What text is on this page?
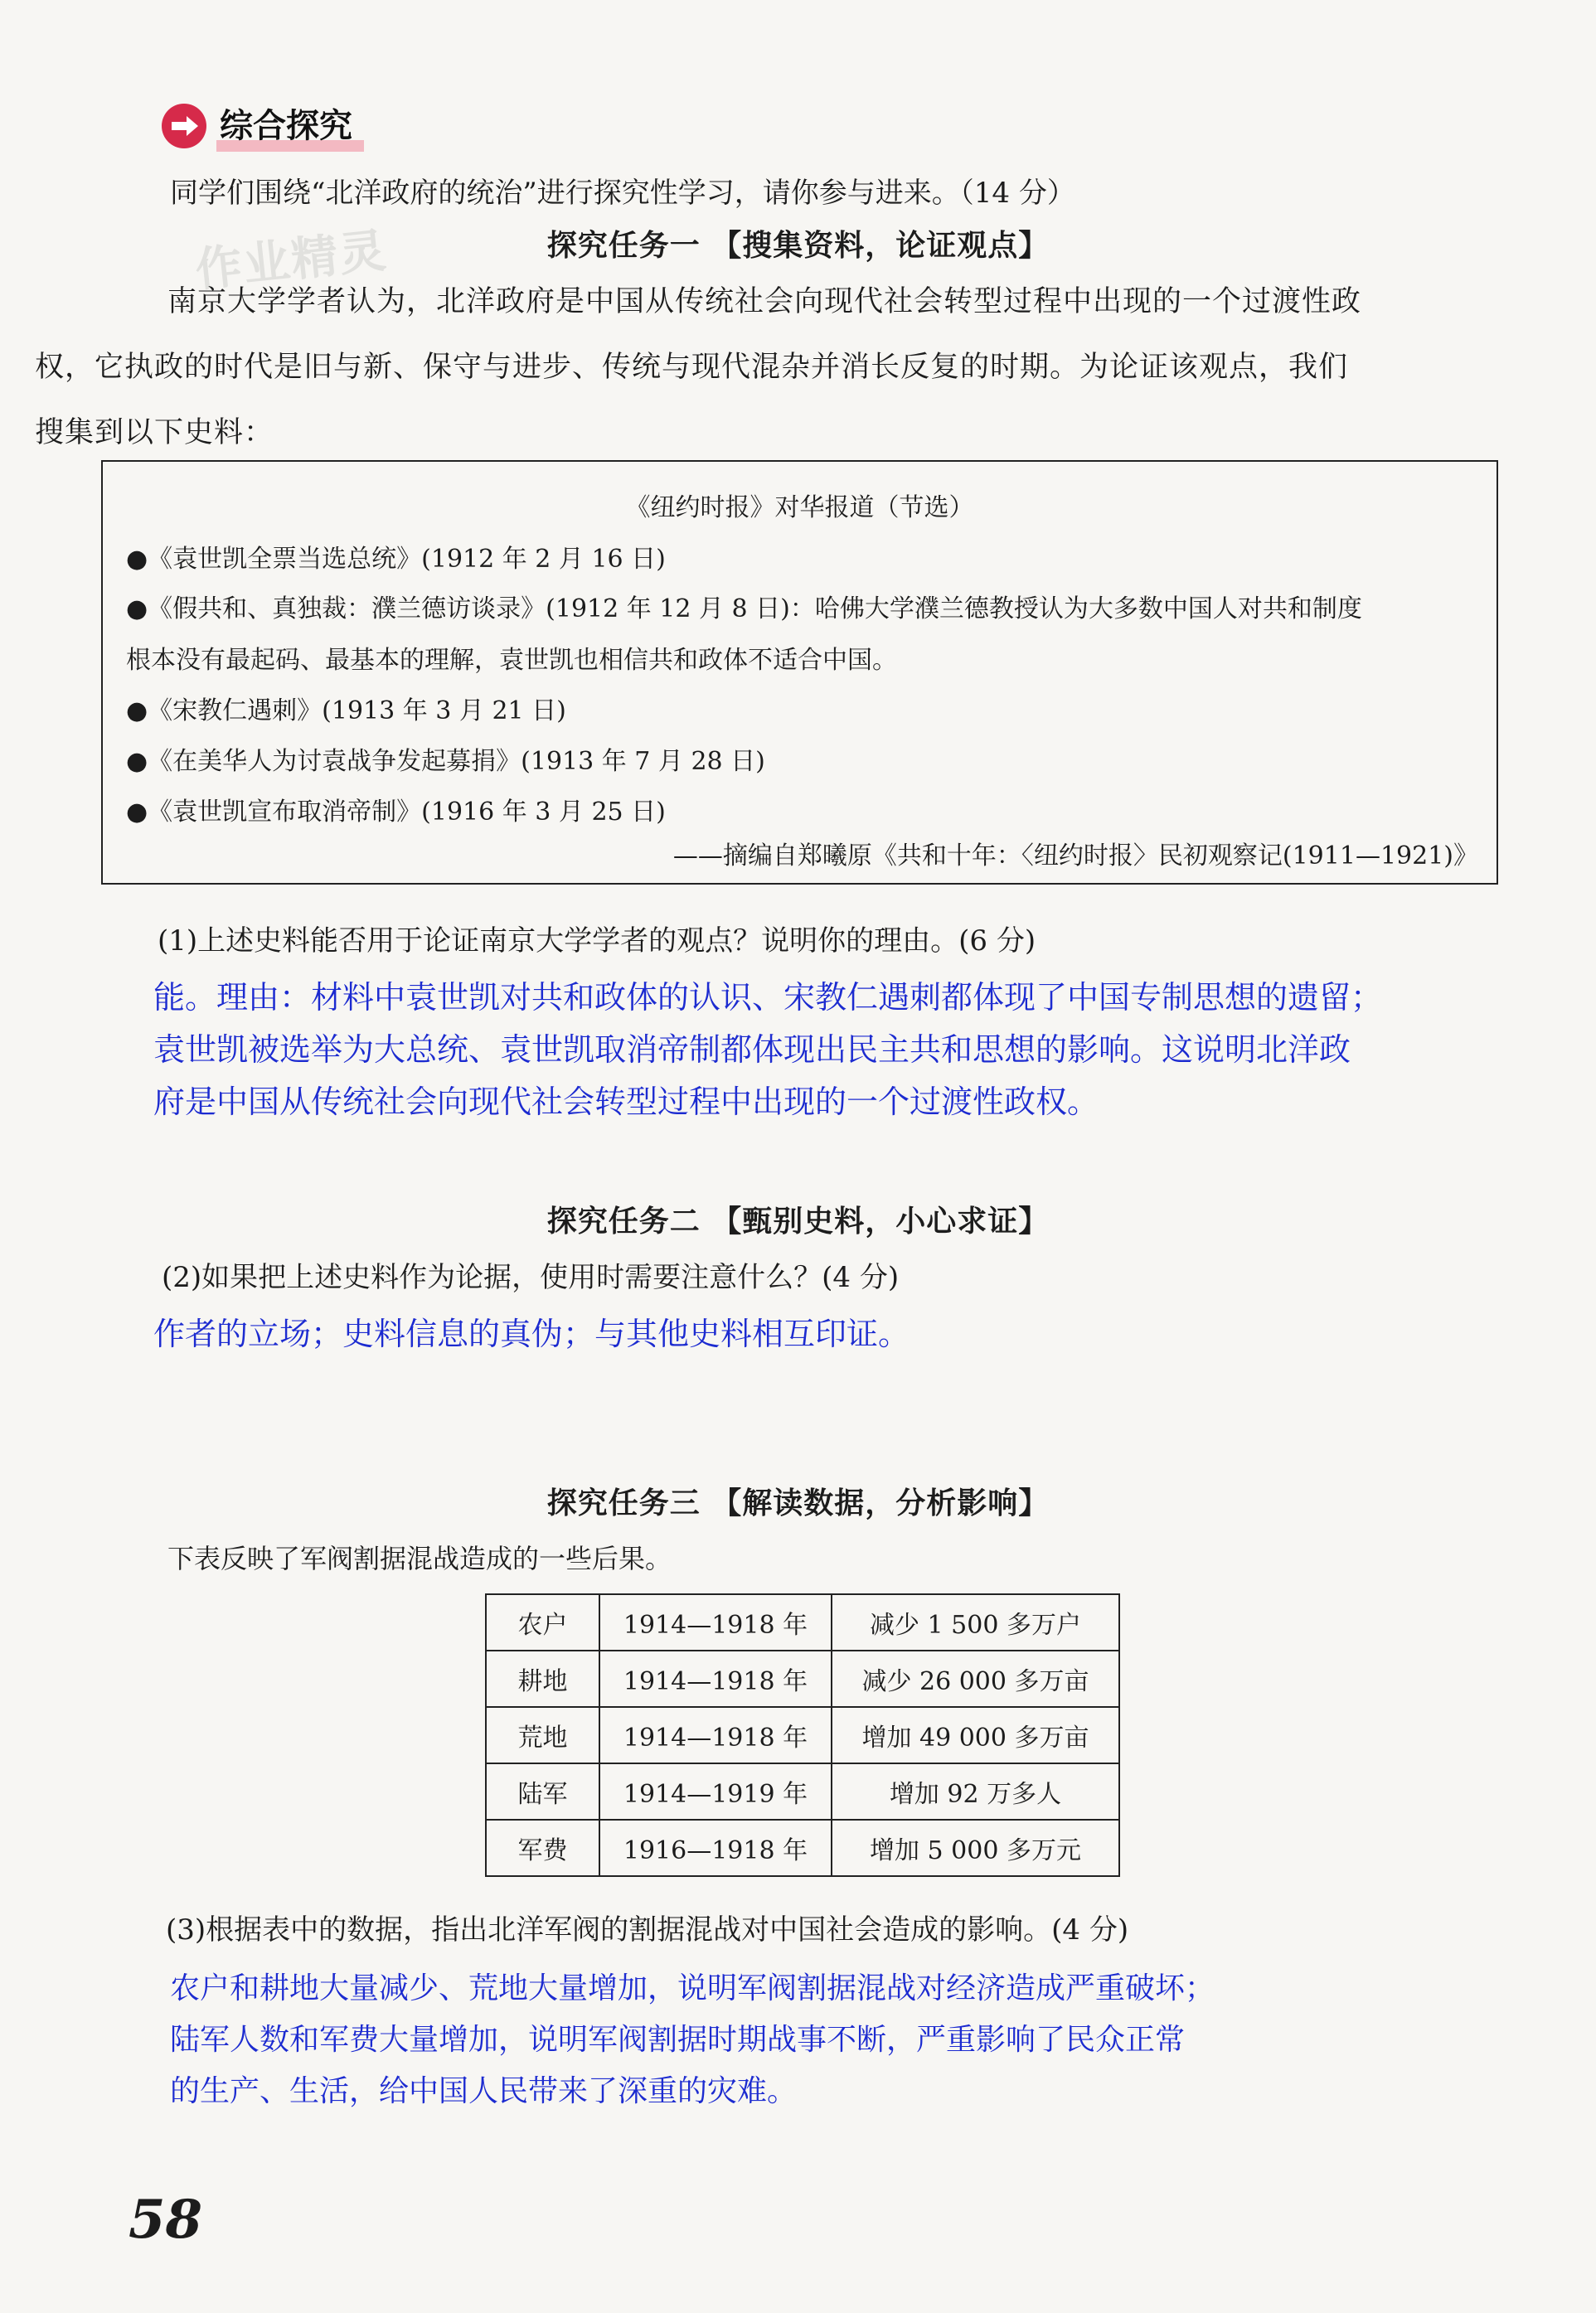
综合探究
同学们围绕“北洋政府的统治”进行探究性学习，请你参与进来。（14 分）
作业精灵	探究任务一 【搜集资料，论证观点】
南京大学学者认为，北洋政府是中国从传统社会向现代社会转型过程中出现的一个过渡性政
权，它执政的时代是旧与新、保守与进步、传统与现代混杂并消长反复的时期。为论证该观点，我们
搜集到以下史料：
《纽约时报》对华报道（节选）
●《袁世凯全票当选总统》(1912 年 2 月 16 日)
●《假共和、真独裁：濮兰德访谈录》(1912 年 12 月 8 日)：哈佛大学濮兰德教授认为大多数中国人对共和制度
根本没有最起码、最基本的理解，袁世凯也相信共和政体不适合中国。
●《宋教仁遇刺》(1913 年 3 月 21 日)
●《在美华人为讨袁战争发起募捐》(1913 年 7 月 28 日)
●《袁世凯宣布取消帝制》(1916 年 3 月 25 日)
——摘编自郑曦原《共和十年：〈纽约时报〉民初观察记(1911—1921)》
(1)上述史料能否用于论证南京大学学者的观点？说明你的理由。(6 分)
能。理由：材料中袁世凯对共和政体的认识、宋教仁遇刺都体现了中国专制思想的遗留；
袁世凯被选举为大总统、袁世凯取消帝制都体现出民主共和思想的影响。这说明北洋政
府是中国从传统社会向现代社会转型过程中出现的一个过渡性政权。
探究任务二 【甄别史料，小心求证】
(2)如果把上述史料作为论据，使用时需要注意什么？(4 分)
作者的立场；史料信息的真伪；与其他史料相互印证。
探究任务三 【解读数据，分析影响】
下表反映了军阀割据混战造成的一些后果。
农户	1914—1918 年	减少 1 500 多万户
耕地	1914—1918 年	减少 26 000 多万亩
荒地	1914—1918 年	增加 49 000 多万亩
陆军	1914—1919 年	增加 92 万多人
军费	1916—1918 年	增加 5 000 多万元
(3)根据表中的数据，指出北洋军阀的割据混战对中国社会造成的影响。(4 分)
农户和耕地大量减少、荒地大量增加，说明军阀割据混战对经济造成严重破坏；
陆军人数和军费大量增加，说明军阀割据时期战事不断，严重影响了民众正常
的生产、生活，给中国人民带来了深重的灾难。
58
